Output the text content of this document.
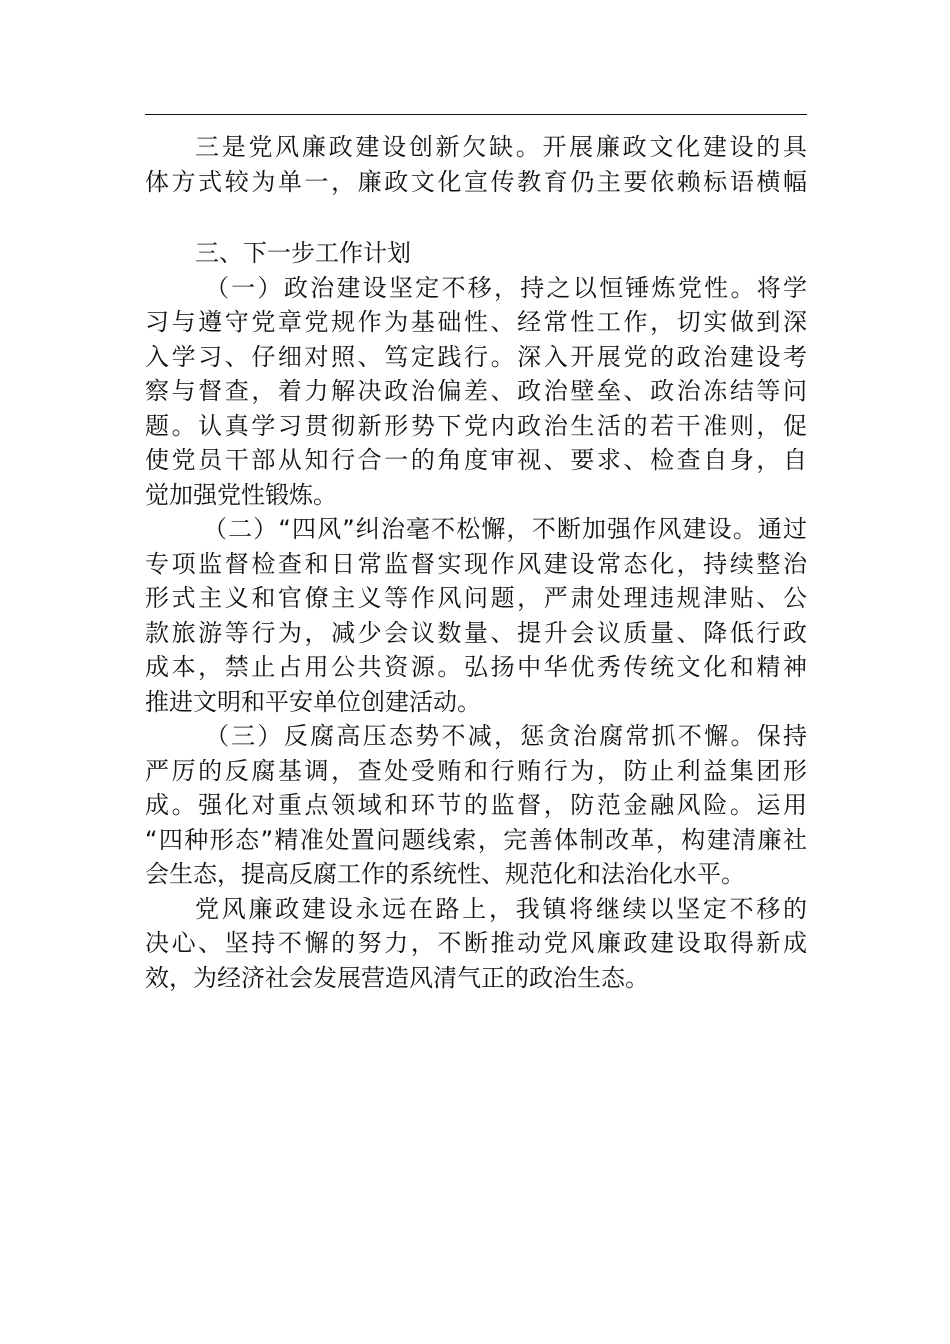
三是党风廉政建设创新欠缺。开展廉政文化建设的具
体方式较为单一，廉政文化宣传教育仍主要依赖标语横幅
三、下一步工作计划
（一）政治建设坚定不移，持之以恒锤炼党性。将学
习与遵守党章党规作为基础性、经常性工作，切实做到深
入学习、仔细对照、笃定践行。深入开展党的政治建设考
察与督查，着力解决政治偏差、政治壁垒、政治冻结等问
题。认真学习贯彻新形势下党内政治生活的若干准则，促
使党员干部从知行合一的角度审视、要求、检查自身，自
觉加强党性锻炼。
（二）“四风”纠治毫不松懈，不断加强作风建设。通过
专项监督检查和日常监督实现作风建设常态化，持续整治
形式主义和官僚主义等作风问题，严肃处理违规津贴、公
款旅游等行为，减少会议数量、提升会议质量、降低行政
成本，禁止占用公共资源。弘扬中华优秀传统文化和精神
推进文明和平安单位创建活动。
（三）反腐高压态势不减，惩贪治腐常抓不懈。保持
严厉的反腐基调，查处受贿和行贿行为，防止利益集团形
成。强化对重点领域和环节的监督，防范金融风险。运用
“四种形态”精准处置问题线索，完善体制改革，构建清廉社
会生态，提高反腐工作的系统性、规范化和法治化水平。
党风廉政建设永远在路上，我镇将继续以坚定不移的
决心、坚持不懈的努力，不断推动党风廉政建设取得新成
效，为经济社会发展营造风清气正的政治生态。
